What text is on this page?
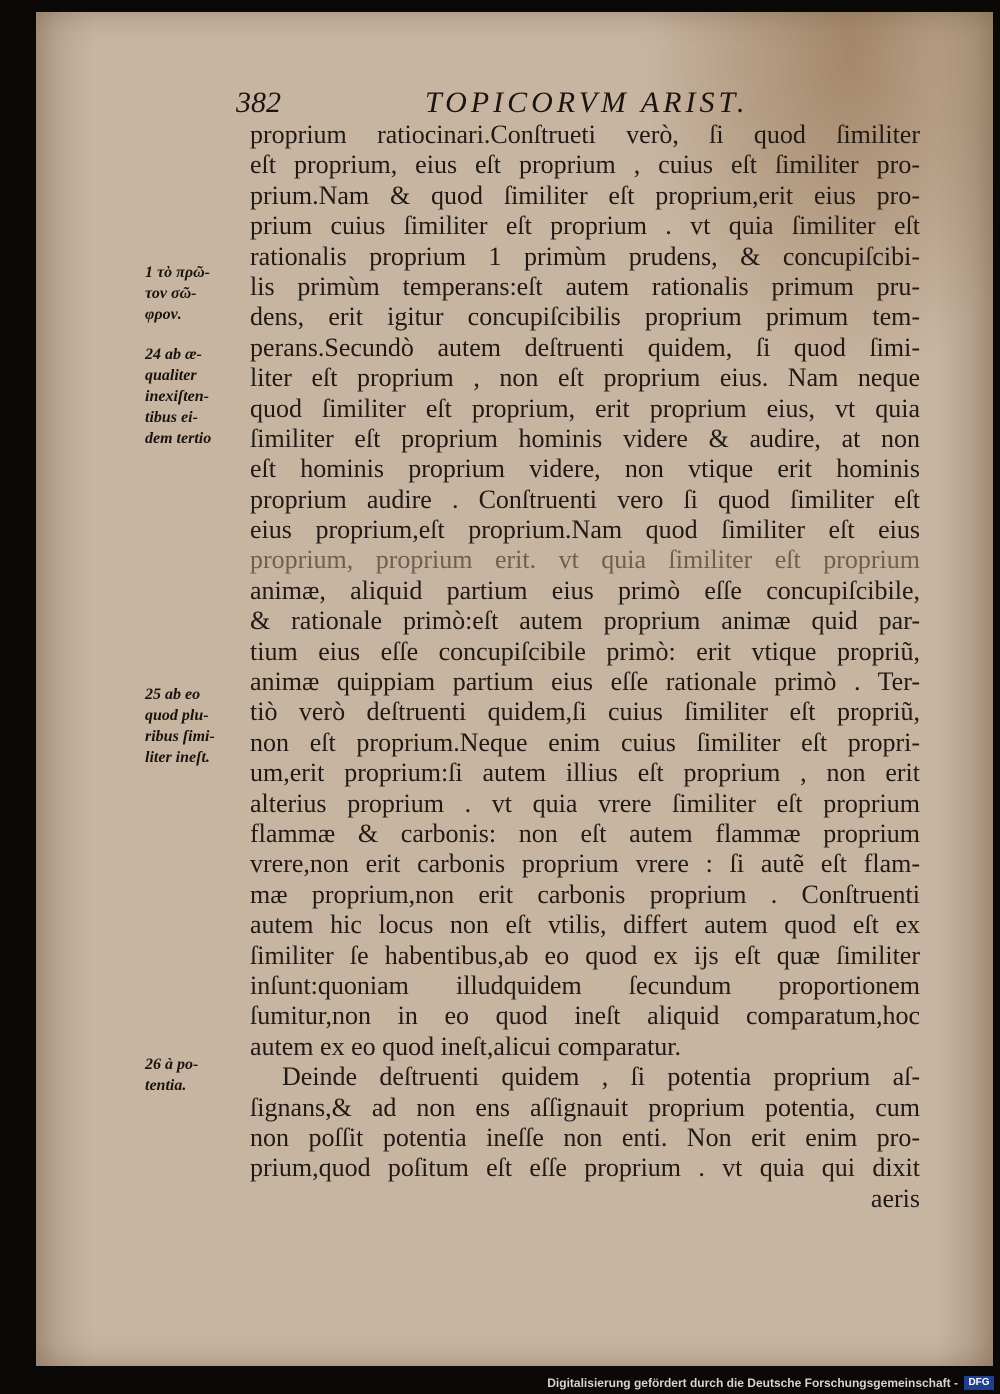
382	TOPICORVM ARIST.
1 τὸ πρῶ-
τον σῶ-
φρον.
24 ab æ-
qualiter
inexiſten-
tibus ei-
dem tertio
25 ab eo
quod plu-
ribus ſimi-
liter ineſt.
26 à po-
tentia.
proprium ratiocinari.Conſtrueti verò, ſi quod ſimiliter
eſt proprium, eius eſt proprium , cuius eſt ſimiliter pro-
prium.Nam & quod ſimiliter eſt proprium,erit eius pro-
prium cuius ſimiliter eſt proprium . vt quia ſimiliter eſt
rationalis proprium 1 primùm prudens, & concupiſcibi-
lis primùm temperans:eſt autem rationalis primum pru-
dens, erit igitur concupiſcibilis proprium primum tem-
perans.Secundò autem deſtruenti quidem, ſi quod ſimi-
liter eſt proprium , non eſt proprium eius. Nam neque
quod ſimiliter eſt proprium, erit proprium eius, vt quia
ſimiliter eſt proprium hominis videre & audire, at non
eſt hominis proprium videre, non vtique erit hominis
proprium audire . Conſtruenti vero ſi quod ſimiliter eſt
eius proprium,eſt proprium.Nam quod ſimiliter eſt eius
proprium, proprium erit. vt quia ſimiliter eſt proprium
animæ, aliquid partium eius primò eſſe concupiſcibile,
& rationale primò:eſt autem proprium animæ quid par-
tium eius eſſe concupiſcibile primò: erit vtique propriũ,
animæ quippiam partium eius eſſe rationale primò . Ter-
tiò verò deſtruenti quidem,ſi cuius ſimiliter eſt propriũ,
non eſt proprium.Neque enim cuius ſimiliter eſt propri-
um,erit proprium:ſi autem illius eſt proprium , non erit
alterius proprium . vt quia vrere ſimiliter eſt proprium
flammæ & carbonis: non eſt autem flammæ proprium
vrere,non erit carbonis proprium vrere : ſi autẽ eſt flam-
mæ proprium,non erit carbonis proprium . Conſtruenti
autem hic locus non eſt vtilis, differt autem quod eſt ex
ſimiliter ſe habentibus,ab eo quod ex ijs eſt quæ ſimiliter
inſunt:quoniam illudquidem ſecundum proportionem
ſumitur,non in eo quod ineſt aliquid comparatum,hoc
autem ex eo quod ineſt,alicui comparatur.
Deinde deſtruenti quidem , ſi potentia proprium aſ-
ſignans,& ad non ens aſſignauit proprium potentia, cum
non poſſit potentia ineſſe non enti. Non erit enim pro-
prium,quod poſitum eſt eſſe proprium . vt quia qui dixit
aeris
Digitalisierung gefördert durch die Deutsche Forschungsgemeinschaft -	DFG
